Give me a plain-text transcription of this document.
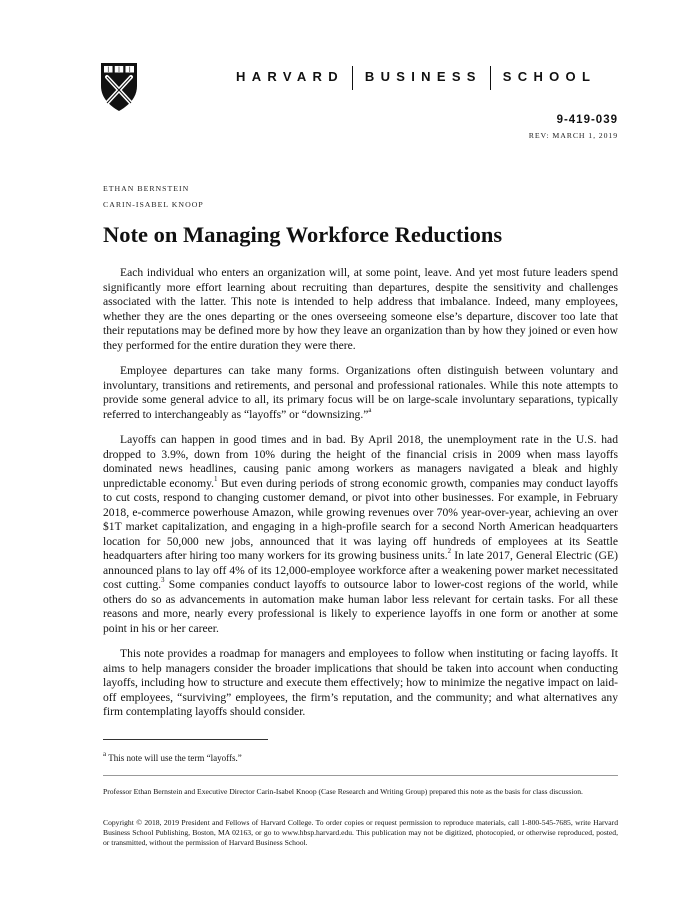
HARVARD BUSINESS SCHOOL
9-419-039
REV: MARCH 1, 2019
ETHAN BERNSTEIN
CARIN-ISABEL KNOOP
Note on Managing Workforce Reductions

Each individual who enters an organization will, at some point, leave. And yet most future leaders spend significantly more effort learning about recruiting than departures, despite the sensitivity and challenges associated with the latter. This note is intended to help address that imbalance. Indeed, many employees, whether they are the ones departing or the ones overseeing someone else’s departure, discover too late that their reputations may be defined more by how they leave an organization than by how they joined or even how they performed for the entire duration they were there.

Employee departures can take many forms. Organizations often distinguish between voluntary and involuntary, transitions and retirements, and personal and professional rationales. While this note attempts to provide some general advice to all, its primary focus will be on large-scale involuntary separations, typically referred to interchangeably as “layoffs” or “downsizing.”$^a$

Layoffs can happen in good times and in bad. By April 2018, the unemployment rate in the U.S. had dropped to 3.9%, down from 10% during the height of the financial crisis in 2009 when mass layoffs dominated news headlines, causing panic among workers as managers navigated a bleak and highly unpredictable economy.$^1$ But even during periods of strong economic growth, companies may conduct layoffs to cut costs, respond to changing customer demand, or pivot into other businesses. For example, in February 2018, e-commerce powerhouse Amazon, while growing revenues over 70% year-over-year, achieving an over $1T market capitalization, and engaging in a high-profile search for a second North American headquarters location for 50,000 new jobs, announced that it was laying off hundreds of employees at its Seattle headquarters after hiring too many workers for its growing business units.$^2$ In late 2017, General Electric (GE) announced plans to lay off 4% of its 12,000-employee workforce after a weakening power market necessitated cost cutting.$^3$ Some companies conduct layoffs to outsource labor to lower-cost regions of the world, while others do so as advancements in automation make human labor less relevant for certain tasks. For all these reasons and more, nearly every professional is likely to experience layoffs in one form or another at some point in his or her career.

This note provides a roadmap for managers and employees to follow when instituting or facing layoffs. It aims to help managers consider the broader implications that should be taken into account when conducting layoffs, including how to structure and execute them effectively; how to minimize the negative impact on laid-off employees, “surviving” employees, the firm’s reputation, and the community; and what alternatives any firm contemplating layoffs should consider.

$^a$ This note will use the term “layoffs.”
Professor Ethan Bernstein and Executive Director Carin-Isabel Knoop (Case Research and Writing Group) prepared this note as the basis for class discussion.
Copyright © 2018, 2019 President and Fellows of Harvard College. To order copies or request permission to reproduce materials, call 1-800-545-7685, write Harvard Business School Publishing, Boston, MA 02163, or go to www.hbsp.harvard.edu. This publication may not be digitized, photocopied, or otherwise reproduced, posted, or transmitted, without the permission of Harvard Business School.
